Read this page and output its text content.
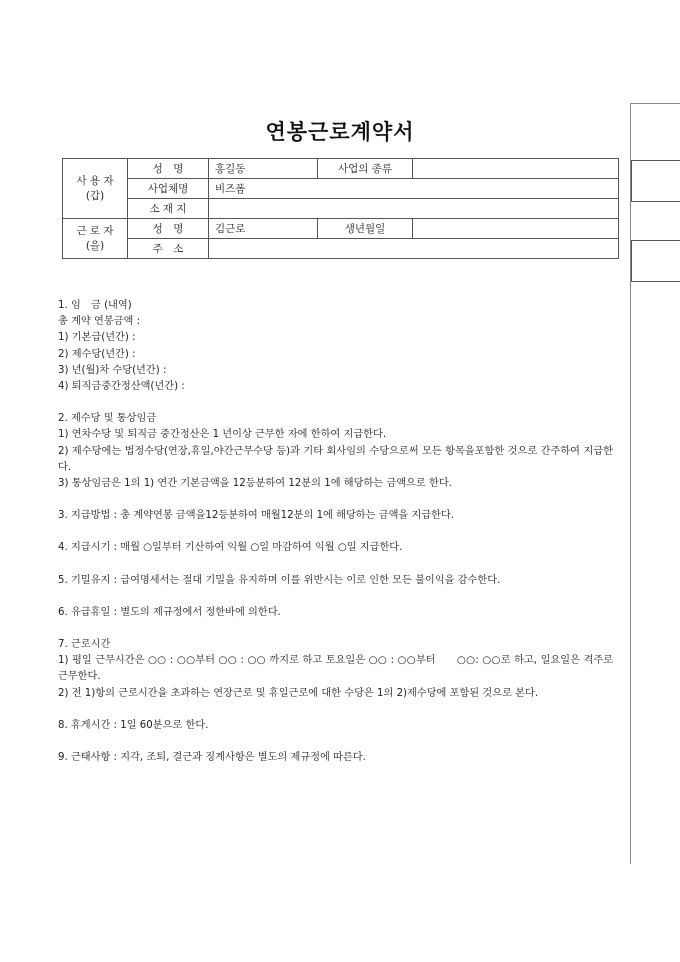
연봉근로계약서
사 용 자
(갑)	성　명	홍길동	사업의 종류	
	사업체명	비즈폼		
	소 재 지			
근 로 자
(을)	성　명	김근로	생년월일	
	주　소			

1. 임　금 (내역)

총 계약 연봉금액 :

1) 기본급(년간) :

2) 제수당(년간) :

3) 년(월)차 수당(년간) :

4) 퇴직금중간정산액(년간) :

2. 제수당 및 통상임금

1) 연차수당 및 퇴직금 중간정산은 1 년이상 근무한 자에 한하여 지급한다.

2) 제수당에는 법정수당(연장,휴일,야간근무수당 등)과 기타 회사임의 수당으로써 모든 항목을포함한 것으로 간주하여 지급한다.

3) 통상임금은 1의 1) 연간 기본금액을 12등분하여 12분의 1에 해당하는 금액으로 한다.

3. 지급방법 : 총 계약연봉 금액을12등분하여 매월12분의 1에 해당하는 금액을 지급한다.

4. 지급시기 : 매월 ○일부터 기산하여 익월 ○일 마감하여 익월 ○일 지급한다.

5. 기밀유지 : 급여명세서는 절대 기밀을 유지하며 이를 위반시는 이로 인한 모든 불이익을 감수한다.

6. 유급휴일 : 별도의 제규정에서 정한바에 의한다.

7. 근로시간

1) 평일 근무시간은 ○○ : ○○부터 ○○ : ○○ 까지로 하고 토요일은 ○○ : ○○부터　　○○: ○○로 하고, 일요일은 격주로 근무한다.

2) 전 1)항의 근로시간을 초과하는 연장근로 및 휴일근로에 대한 수당은 1의 2)제수당에 포함된 것으로 본다.

8. 휴게시간 : 1일 60분으로 한다.

9. 근태사항 : 지각, 조퇴, 결근과 징계사항은 별도의 제규정에 따른다.
